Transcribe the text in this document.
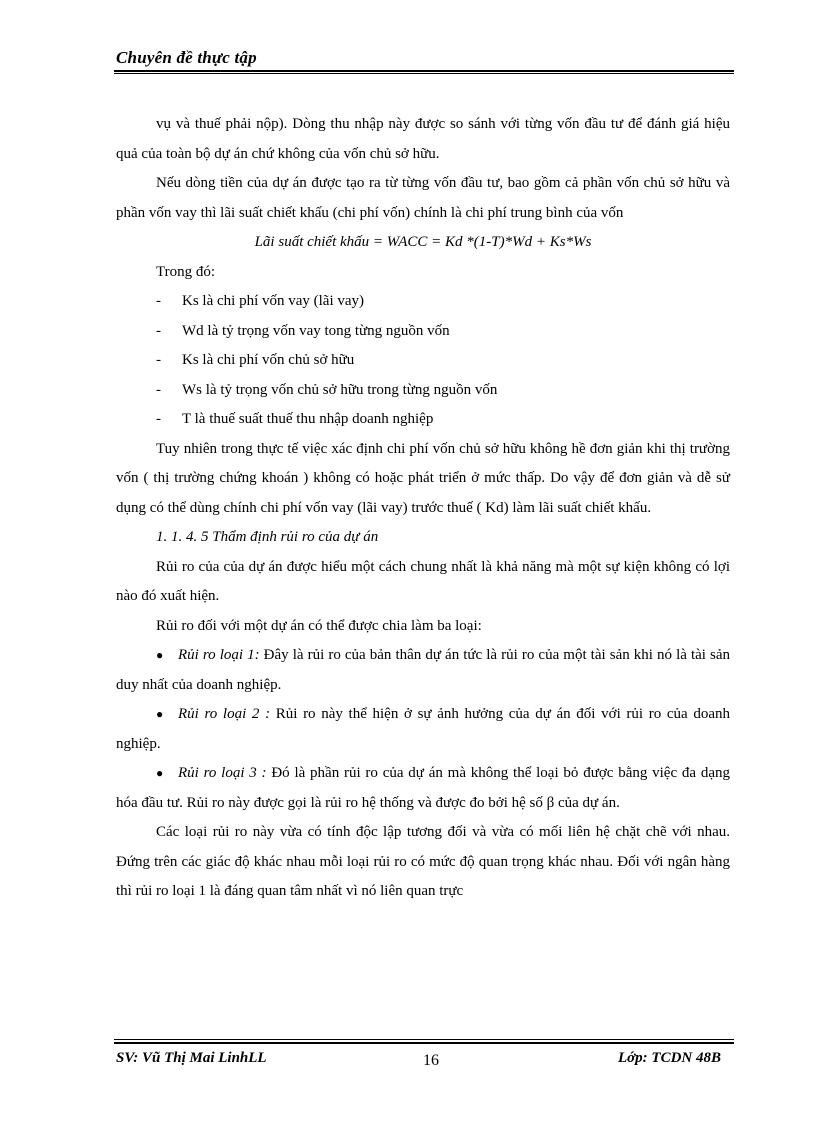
Chuyên đề thực tập

vụ và thuế phải nộp). Dòng thu nhập này được so sánh với từng vốn đầu tư để đánh giá hiệu quả của toàn bộ dự án chứ không của vốn chủ sở hữu.

Nếu dòng tiền của dự án được tạo ra từ từng vốn đầu tư, bao gồm cả phần vốn chủ sở hữu và phần vốn vay thì lãi suất chiết khấu (chi phí vốn) chính là chi phí trung bình của vốn

Lãi suất chiết khấu = WACC = Kd *(1-T)*Wd + Ks*Ws

Trong đó:

- Ks là chi phí vốn vay (lãi vay)

- Wd là tỷ trọng vốn vay tong từng nguồn vốn

- Ks là chi phí vốn chủ sở hữu

- Ws là tỷ trọng vốn chủ sở hữu trong từng nguồn vốn

- T là thuế suất thuế thu nhập doanh nghiệp

Tuy nhiên trong thực tế việc xác định chi phí vốn chủ sở hữu không hề đơn giản khi thị trường vốn ( thị trường chứng khoán ) không có hoặc phát triển ở mức thấp. Do vậy để đơn giản và dễ sử dụng có thể dùng chính chi phí vốn vay (lãi vay) trước thuế ( Kd) làm lãi suất chiết khấu.

1. 1. 4. 5 Thẩm định rủi ro của dự án

Rủi ro của của dự án được hiểu một cách chung nhất là khả năng mà một sự kiện không có lợi nào đó xuất hiện.

Rủi ro đối với một dự án có thể được chia làm ba loại:

● Rủi ro loại 1: Đây là rủi ro của bản thân dự án tức là rủi ro của một tài sản khi nó là tài sản duy nhất của doanh nghiệp.

● Rủi ro loại 2 : Rủi ro này thể hiện ở sự ảnh hưởng của dự án đối với rủi ro của doanh nghiệp.

● Rủi ro loại 3 : Đó là phần rủi ro của dự án mà không thể loại bỏ được bằng việc đa dạng hóa đầu tư. Rủi ro này được gọi là rủi ro hệ thống và được đo bởi hệ số β của dự án.

Các loại rủi ro này vừa có tính độc lập tương đối và vừa có mối liên hệ chặt chẽ với nhau. Đứng trên các giác độ khác nhau mỗi loại rủi ro có mức độ quan trọng khác nhau. Đối với ngân hàng thì rủi ro loại 1 là đáng quan tâm nhất vì nó liên quan trực

SV: Vũ Thị Mai LinhLL	16	Lớp: TCDN 48B
